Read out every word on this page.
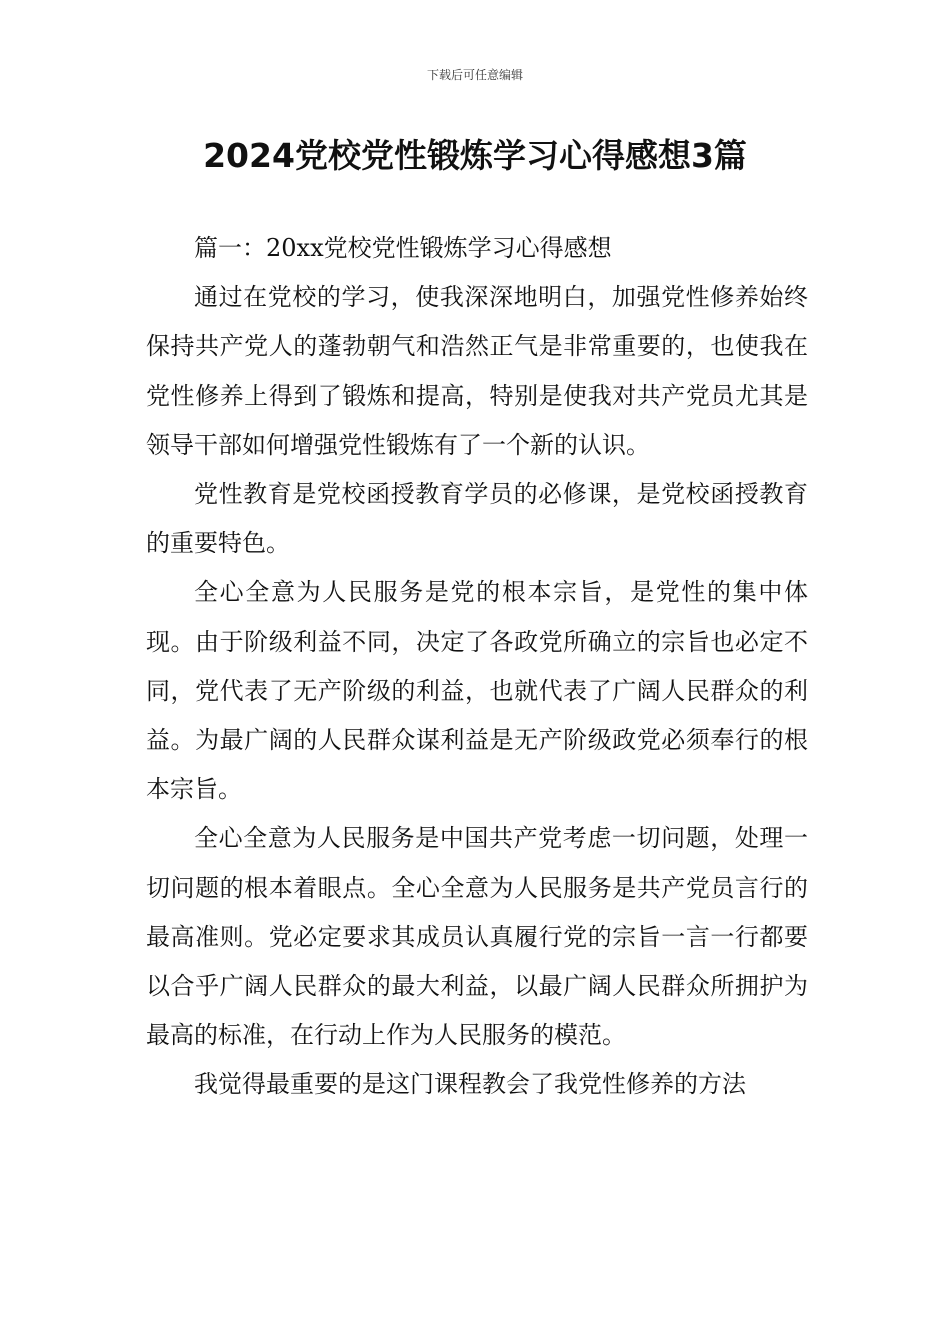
下载后可任意编辑
2024党校党性锻炼学习心得感想3篇

篇一：20xx党校党性锻炼学习心得感想

通过在党校的学习，使我深深地明白，加强党性修养始终保持共产党人的蓬勃朝气和浩然正气是非常重要的，也使我在党性修养上得到了锻炼和提高，特别是使我对共产党员尤其是领导干部如何增强党性锻炼有了一个新的认识。

党性教育是党校函授教育学员的必修课，是党校函授教育的重要特色。

全心全意为人民服务是党的根本宗旨，是党性的集中体现。由于阶级利益不同，决定了各政党所确立的宗旨也必定不同，党代表了无产阶级的利益，也就代表了广阔人民群众的利益。为最广阔的人民群众谋利益是无产阶级政党必须奉行的根本宗旨。

全心全意为人民服务是中国共产党考虑一切问题，处理一切问题的根本着眼点。全心全意为人民服务是共产党员言行的最高准则。党必定要求其成员认真履行党的宗旨一言一行都要以合乎广阔人民群众的最大利益，以最广阔人民群众所拥护为最高的标准，在行动上作为人民服务的模范。

我觉得最重要的是这门课程教会了我党性修养的方法
